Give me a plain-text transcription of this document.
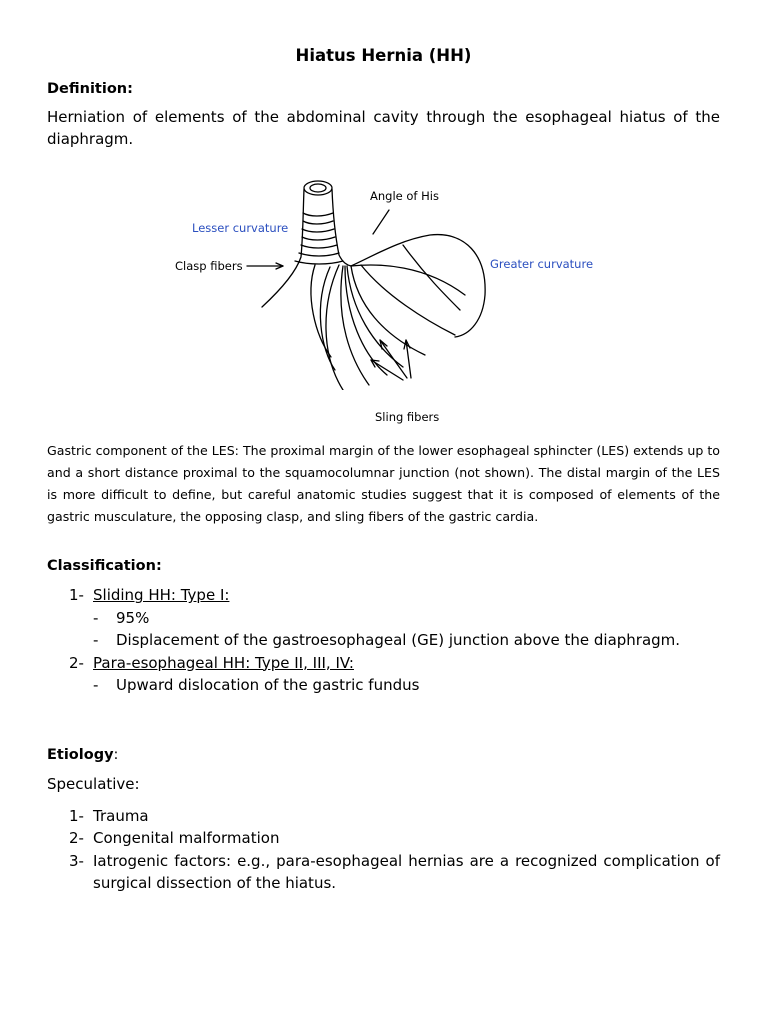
Hiatus Hernia (HH)

Definition:

Herniation of elements of the abdominal cavity through the esophageal hiatus of the diaphragm.

Angle of His
Lesser curvature
Clasp fibers	Greater curvature
Sling fibers

Gastric component of the LES: The proximal margin of the lower esophageal sphincter (LES) extends up to and a short distance proximal to the squamocolumnar junction (not shown). The distal margin of the LES is more difficult to define, but careful anatomic studies suggest that it is composed of elements of the gastric musculature, the opposing clasp, and sling fibers of the gastric cardia.

Classification:

1- Sliding HH: Type I:
- 95%
- Displacement of the gastroesophageal (GE) junction above the diaphragm.
2- Para-esophageal HH: Type II, III, IV:
- Upward dislocation of the gastric fundus

Etiology:

Speculative:

1- Trauma
2- Congenital malformation
3- Iatrogenic factors: e.g., para-esophageal hernias are a recognized complication of surgical dissection of the hiatus.
